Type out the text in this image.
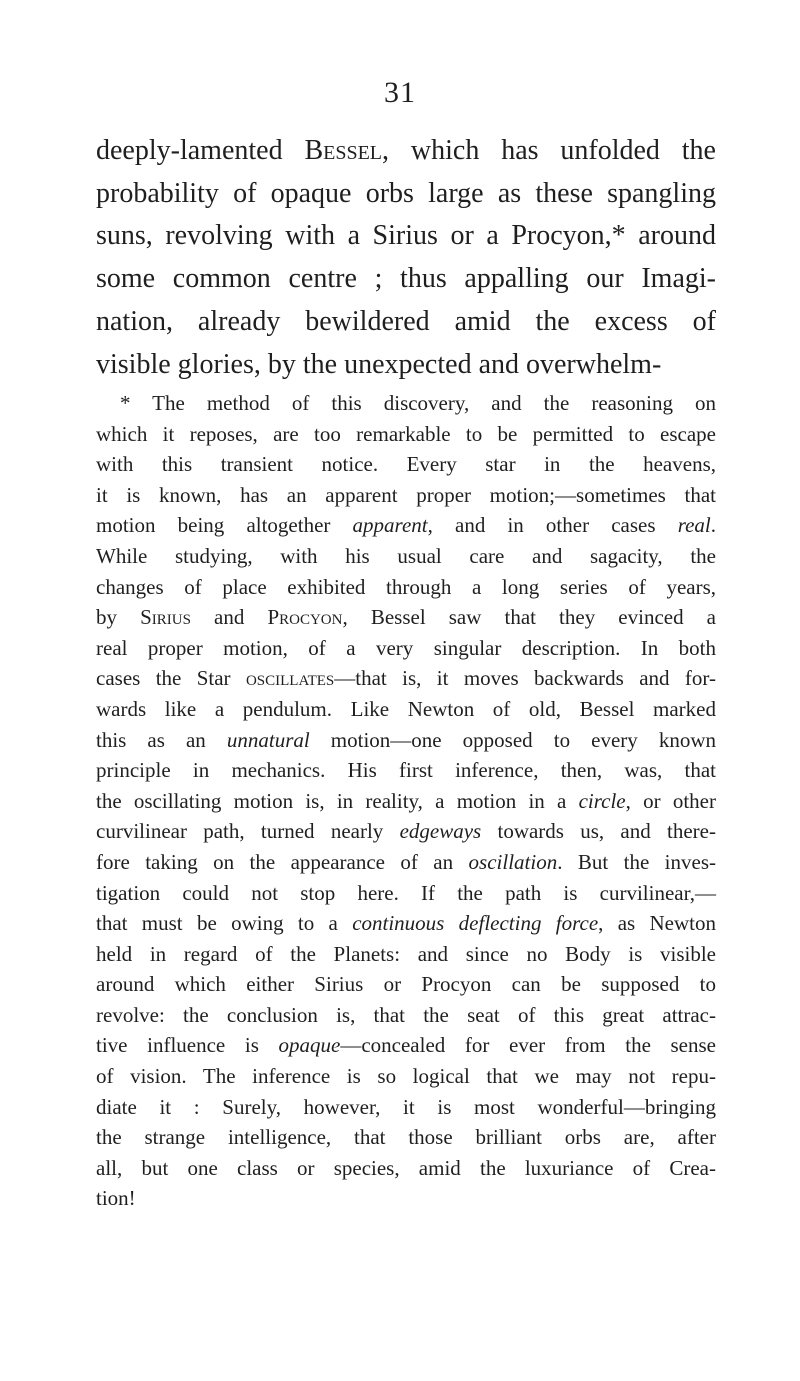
31
deeply-lamented Bessel, which has unfolded the
probability of opaque orbs large as these spangling
suns, revolving with a Sirius or a Procyon,* around
some common centre ; thus appalling our Imagi-
nation, already bewildered amid the excess of
visible glories, by the unexpected and overwhelm-
* The method of this discovery, and the reasoning on
which it reposes, are too remarkable to be permitted to escape
with this transient notice. Every star in the heavens,
it is known, has an apparent proper motion;—sometimes that
motion being altogether apparent, and in other cases real.
While studying, with his usual care and sagacity, the
changes of place exhibited through a long series of years,
by Sirius and Procyon, Bessel saw that they evinced a
real proper motion, of a very singular description. In both
cases the Star oscillates—that is, it moves backwards and for-
wards like a pendulum. Like Newton of old, Bessel marked
this as an unnatural motion—one opposed to every known
principle in mechanics. His first inference, then, was, that
the oscillating motion is, in reality, a motion in a circle, or other
curvilinear path, turned nearly edgeways towards us, and there-
fore taking on the appearance of an oscillation. But the inves-
tigation could not stop here. If the path is curvilinear,—
that must be owing to a continuous deflecting force, as Newton
held in regard of the Planets: and since no Body is visible
around which either Sirius or Procyon can be supposed to
revolve: the conclusion is, that the seat of this great attrac-
tive influence is opaque—concealed for ever from the sense
of vision. The inference is so logical that we may not repu-
diate it : Surely, however, it is most wonderful—bringing
the strange intelligence, that those brilliant orbs are, after
all, but one class or species, amid the luxuriance of Crea-
tion!
